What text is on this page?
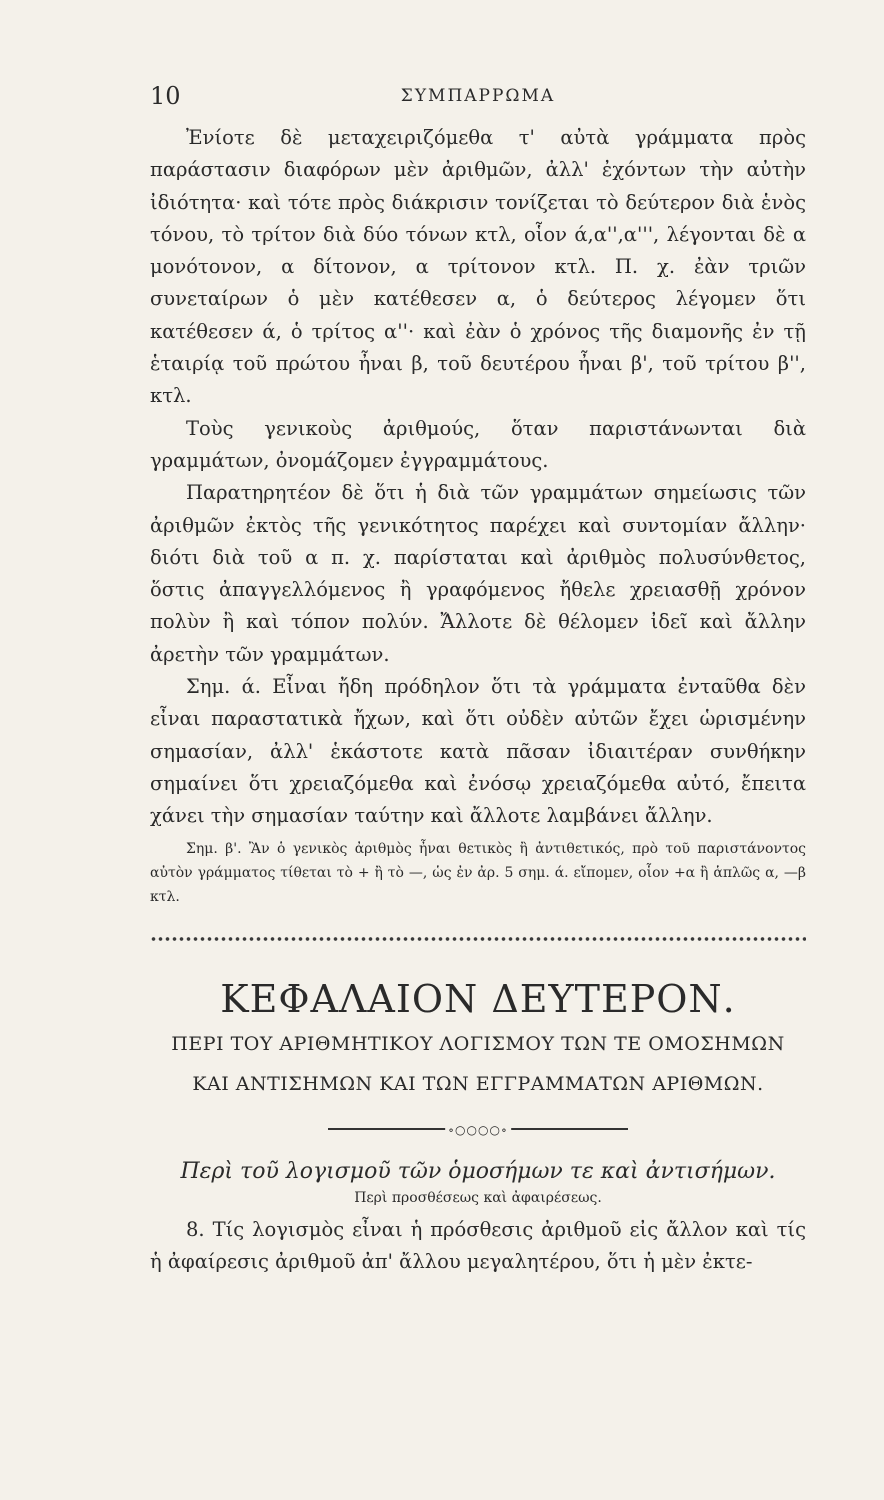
10	ΣΥΜΠΑΡΡΩΜΑ

Ἐνίοτε δὲ μεταχειριζόμεθα τ' αὐτὰ γράμματα πρὸς παράστασιν διαφόρων μὲν ἀριθμῶν, ἀλλ' ἐχόντων τὴν αὐτὴν ἰδιότητα· καὶ τότε πρὸς διάκρισιν τονίζεται τὸ δεύτερον διὰ ἑνὸς τόνου, τὸ τρίτον διὰ δύο τόνων κτλ, οἷον ά,α'',α''', λέγονται δὲ α μονότονον, α δίτονον, α τρίτονον κτλ. Π. χ. ἐὰν τριῶν συνεταίρων ὁ μὲν κατέθεσεν α, ὁ δεύτερος λέγομεν ὅτι κατέθεσεν ά, ὁ τρίτος α''· καὶ ἐὰν ὁ χρόνος τῆς διαμονῆς ἐν τῇ ἑταιρίᾳ τοῦ πρώτου ἦναι β, τοῦ δευτέρου ἦναι β', τοῦ τρίτου β'', κτλ.

Τοὺς γενικοὺς ἀριθμούς, ὅταν παριστάνωνται διὰ γραμμάτων, ὀνομάζομεν ἐγγραμμάτους.

Παρατηρητέον δὲ ὅτι ἡ διὰ τῶν γραμμάτων σημείωσις τῶν ἀριθμῶν ἐκτὸς τῆς γενικότητος παρέχει καὶ συντομίαν ἄλλην· διότι διὰ τοῦ α π. χ. παρίσταται καὶ ἀριθμὸς πολυσύνθετος, ὅστις ἀπαγγελλόμενος ἢ γραφόμενος ἤθελε χρειασθῇ χρόνον πολὺν ἢ καὶ τόπον πολύν. Ἄλλοτε δὲ θέλομεν ἰδεῖ καὶ ἄλλην ἀρετὴν τῶν γραμμάτων.

Σημ. ά. Εἶναι ἤδη πρόδηλον ὅτι τὰ γράμματα ἐνταῦθα δὲν εἶναι παραστατικὰ ἤχων, καὶ ὅτι οὐδὲν αὐτῶν ἔχει ὡρισμένην σημασίαν, ἀλλ' ἑκάστοτε κατὰ πᾶσαν ἰδιαιτέραν συνθήκην σημαίνει ὅτι χρειαζόμεθα καὶ ἐνόσῳ χρειαζόμεθα αὐτό, ἔπειτα χάνει τὴν σημασίαν ταύτην καὶ ἄλλοτε λαμβάνει ἄλλην.

Σημ. β'. Ἂν ὁ γενικὸς ἀριθμὸς ἦναι θετικὸς ἢ ἀντιθετικός, πρὸ τοῦ παριστάνοντος αὐτὸν γράμματος τίθεται τὸ + ἢ τὸ —, ὡς ἐν ἀρ. 5 σημ. ά. εἴπομεν, οἷον +α ἢ ἁπλῶς α, —β κτλ.

ΚΕΦΑΛΑΙΟΝ ΔΕΥΤΕΡΟΝ.
ΠΕΡΙ ΤΟΥ ΑΡΙΘΜΗΤΙΚΟΥ ΛΟΓΙΣΜΟΥ ΤΩΝ ΤΕ ΟΜΟΣΗΜΩΝ
ΚΑΙ ΑΝΤΙΣΗΜΩΝ ΚΑΙ ΤΩΝ ΕΓΓΡΑΜΜΑΤΩΝ ΑΡΙΘΜΩΝ.
∘○○○○∘
Περὶ τοῦ λογισμοῦ τῶν ὁμοσήμων τε καὶ ἀντισήμων.
Περὶ προσθέσεως καὶ ἀφαιρέσεως.

8. Τίς λογισμὸς εἶναι ἡ πρόσθεσις ἀριθμοῦ εἰς ἄλλον καὶ τίς ἡ ἀφαίρεσις ἀριθμοῦ ἀπ' ἄλλου μεγαλητέρου, ὅτι ἡ μὲν ἐκτε-
